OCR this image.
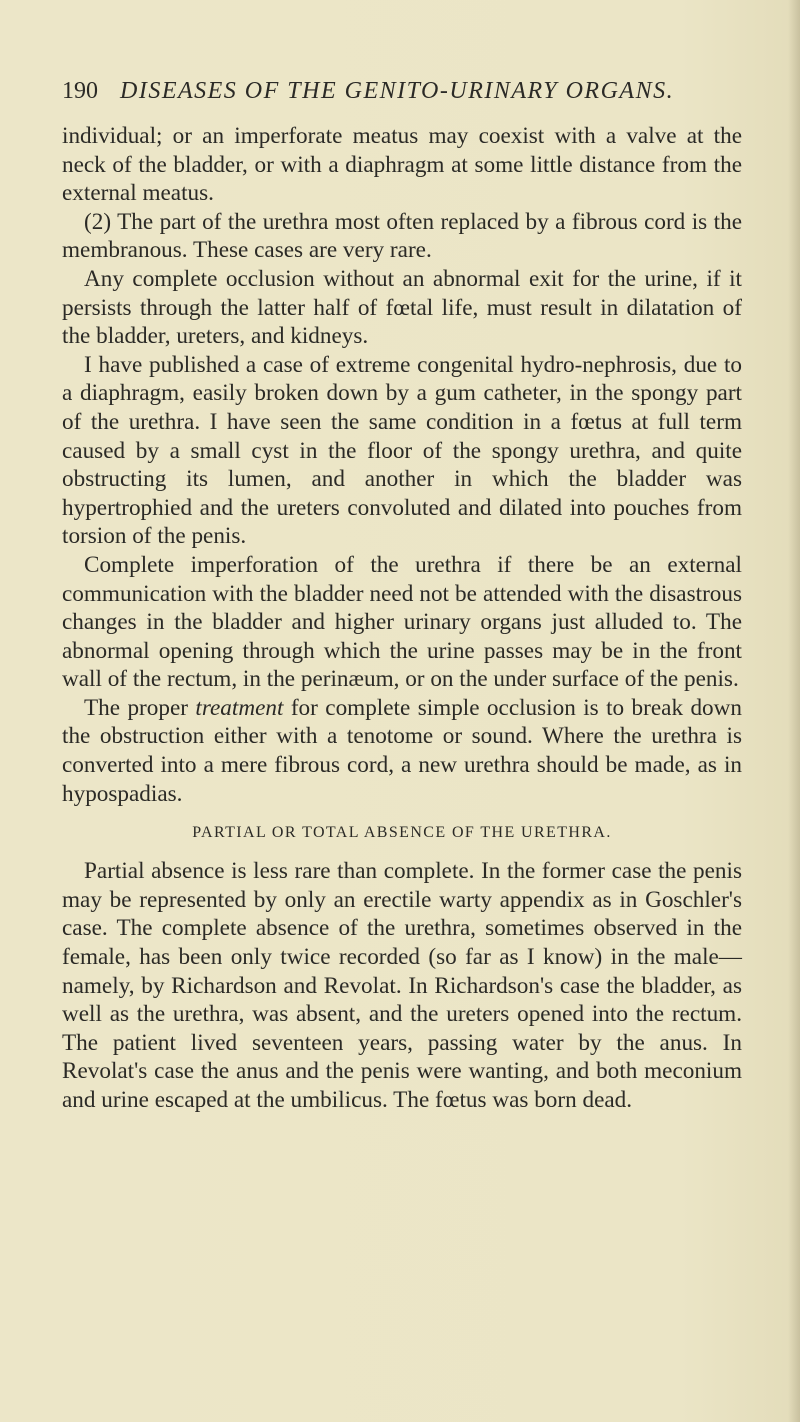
190 DISEASES OF THE GENITO-URINARY ORGANS.

individual; or an imperforate meatus may coexist with a valve at the neck of the bladder, or with a diaphragm at some little distance from the external meatus.

(2) The part of the urethra most often replaced by a fibrous cord is the membranous. These cases are very rare.

Any complete occlusion without an abnormal exit for the urine, if it persists through the latter half of fœtal life, must result in dilatation of the bladder, ureters, and kidneys.

I have published a case of extreme congenital hydro-nephrosis, due to a diaphragm, easily broken down by a gum catheter, in the spongy part of the urethra. I have seen the same condition in a fœtus at full term caused by a small cyst in the floor of the spongy urethra, and quite obstructing its lumen, and another in which the bladder was hypertrophied and the ureters convoluted and dilated into pouches from torsion of the penis.

Complete imperforation of the urethra if there be an external communication with the bladder need not be attended with the disastrous changes in the bladder and higher urinary organs just alluded to. The abnormal opening through which the urine passes may be in the front wall of the rectum, in the perinæum, or on the under surface of the penis.

The proper treatment for complete simple occlusion is to break down the obstruction either with a tenotome or sound. Where the urethra is converted into a mere fibrous cord, a new urethra should be made, as in hypospadias.

PARTIAL OR TOTAL ABSENCE OF THE URETHRA.

Partial absence is less rare than complete. In the former case the penis may be represented by only an erectile warty appendix as in Goschler's case. The complete absence of the urethra, sometimes observed in the female, has been only twice recorded (so far as I know) in the male—namely, by Richardson and Revolat. In Richardson's case the bladder, as well as the urethra, was absent, and the ureters opened into the rectum. The patient lived seventeen years, passing water by the anus. In Revolat's case the anus and the penis were wanting, and both meconium and urine escaped at the umbilicus. The fœtus was born dead.
